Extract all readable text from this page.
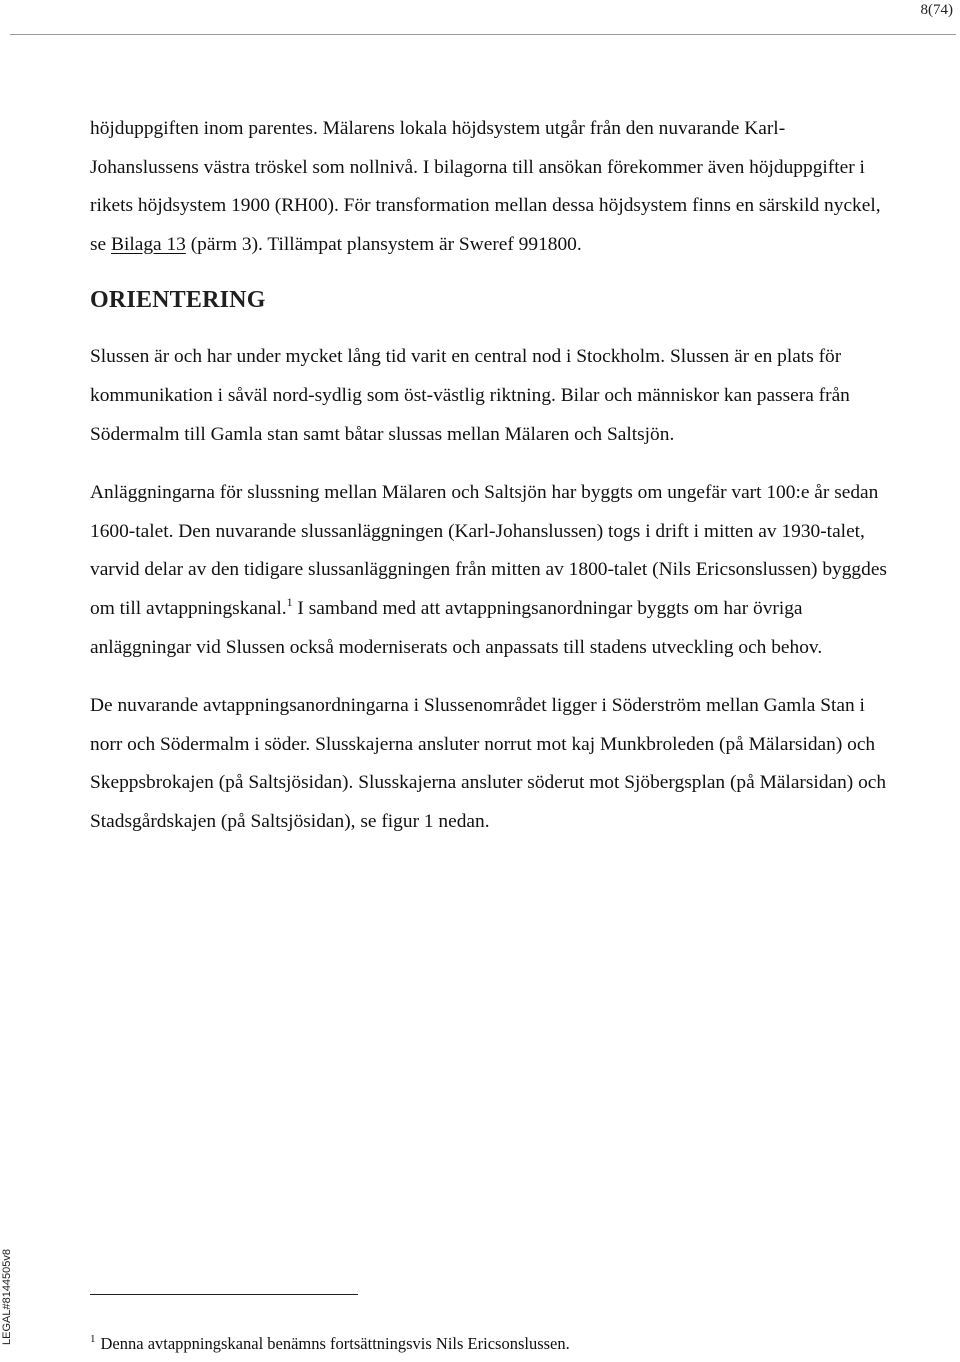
8(74)

höjduppgiften inom parentes. Mälarens lokala höjdsystem utgår från den nuvarande Karl-Johanslussens västra tröskel som nollnivå. I bilagorna till ansökan förekommer även höjduppgifter i rikets höjdsystem 1900 (RH00). För transformation mellan dessa höjdsystem finns en särskild nyckel, se Bilaga 13 (pärm 3). Tillämpat plansystem är Sweref 991800.

ORIENTERING

Slussen är och har under mycket lång tid varit en central nod i Stockholm. Slussen är en plats för kommunikation i såväl nord-sydlig som öst-västlig riktning. Bilar och människor kan passera från Södermalm till Gamla stan samt båtar slussas mellan Mälaren och Saltsjön.

Anläggningarna för slussning mellan Mälaren och Saltsjön har byggts om ungefär vart 100:e år sedan 1600-talet. Den nuvarande slussanläggningen (Karl-Johanslussen) togs i drift i mitten av 1930-talet, varvid delar av den tidigare slussanläggningen från mitten av 1800-talet (Nils Ericsonslussen) byggdes om till avtappningskanal.$^1$ I samband med att avtappningsanordningar byggts om har övriga anläggningar vid Slussen också moderniserats och anpassats till stadens utveckling och behov.

De nuvarande avtappningsanordningarna i Slussenområdet ligger i Söderström mellan Gamla Stan i norr och Södermalm i söder. Slusskajerna ansluter norrut mot kaj Munkbroleden (på Mälarsidan) och Skeppsbrokajen (på Saltsjösidan). Slusskajerna ansluter söderut mot Sjöbergsplan (på Mälarsidan) och Stadsgårdskajen (på Saltsjösidan), se figur 1 nedan.

LEGAL#8144505v8	$^1$ Denna avtappningskanal benämns fortsättningsvis Nils Ericsonslussen.
